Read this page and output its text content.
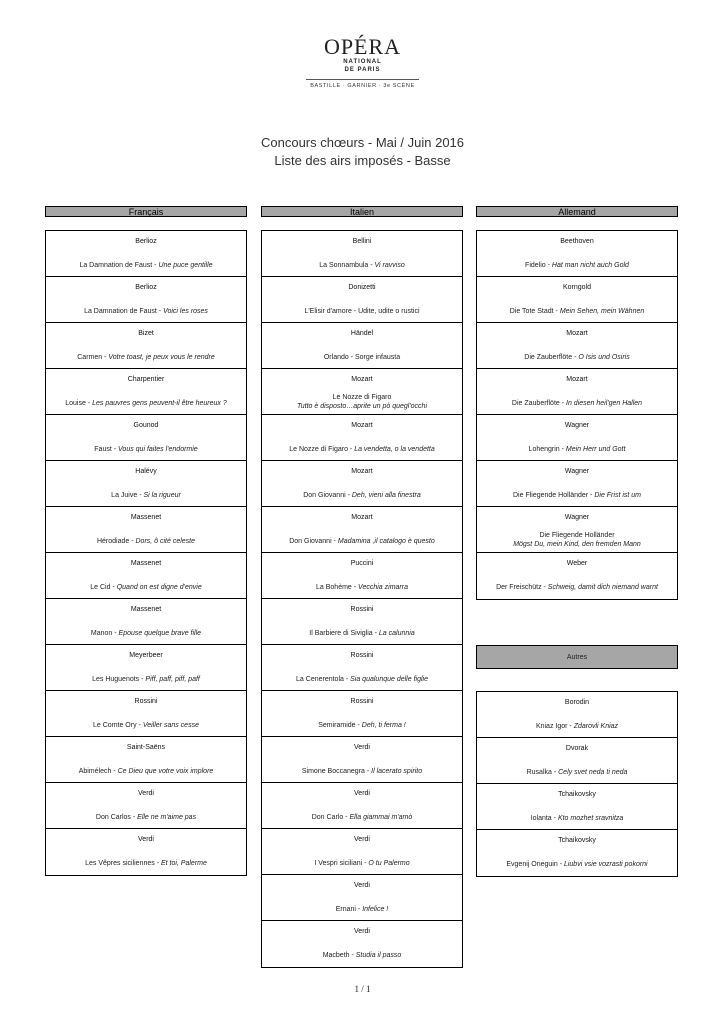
OPÉRA
NATIONAL
DE PARIS
BASTILLE · GARNIER · 3e SCÈNE
Concours chœurs - Mai / Juin 2016
Liste des airs imposés - Basse
Français	Italien	Allemand
Berlioz
La Damnation de Faust - Une puce gentille
Berlioz
La Damnation de Faust - Voici les roses
Bizet
Carmen - Votre toast, je peux vous le rendre
Charpentier
Louise - Les pauvres gens peuvent-il être heureux ?
Gounod
Faust - Vous qui faites l'endormie
Halévy
La Juive - Si la rigueur
Massenet
Hérodiade - Dors, ô cité celeste
Massenet
Le Cid - Quand on est digne d'envie
Massenet
Manon - Epouse quelque brave fille
Meyerbeer
Les Huguenots - Piff, paff, piff, paff
Rossini
Le Comte Ory - Veiller sans cesse
Saint-Saëns
Abimélech - Ce Dieu que votre voix implore
Verdi
Don Carlos - Elle ne m'aime pas
Verdi
Les Vêpres siciliennes - Et toi, Palerme
Bellini
La Sonnambula - Vi ravviso
Donizetti
L'Elisir d'amore - Udite, udite o rustici
Händel
Orlando - Sorge infausta
Mozart
Le Nozze di Figaro
Tutto è disposto…aprite un pò quegl'occhi
Mozart
Le Nozze di Figaro - La vendetta, o la vendetta
Mozart
Don Giovanni - Deh, vieni alla finestra
Mozart
Don Giovanni - Madamina ,il catalogo è questo
Puccini
La Bohème - Vecchia zimarra
Rossini
Il Barbiere di Siviglia - La calunnia
Rossini
La Cenerentola - Sia qualunque delle figlie
Rossini
Semiramide - Deh, ti ferma !
Verdi
Simone Boccanegra - Il lacerato spirito
Verdi
Don Carlo - Ella giammai m'amò
Verdi
I Vespri siciliani - O tu Palermo
Verdi
Ernani - Infelice !
Verdi
Macbeth - Studia il passo
Beethoven
Fidelio - Hat man nicht auch Gold
Korngold
Die Tote Stadt - Mein Sehen, mein Wähnen
Mozart
Die Zauberflöte - O Isis und Osiris
Mozart
Die Zauberflöte - In diesen heil'gen Hallen
Wagner
Lohengrin - Mein Herr und Gott
Wagner
Die Fliegende Holländer - Die Frist ist um
Wagner
Die Fliegende Holländer
Mögst Du, mein Kind, den fremden Mann
Weber
Der Freischütz - Schweig, damit dich niemand warnt
Autres
Borodin
Kniaz Igor - Zdarovli Kniaz
Dvorak
Rusalka - Cely svet neda ti neda
Tchaikovsky
Iolanta - Kto mozhet sravnitza
Tchaikovsky
Evgenij Oneguin - Liubvi vsie vozrasti pokorni
1 / 1
